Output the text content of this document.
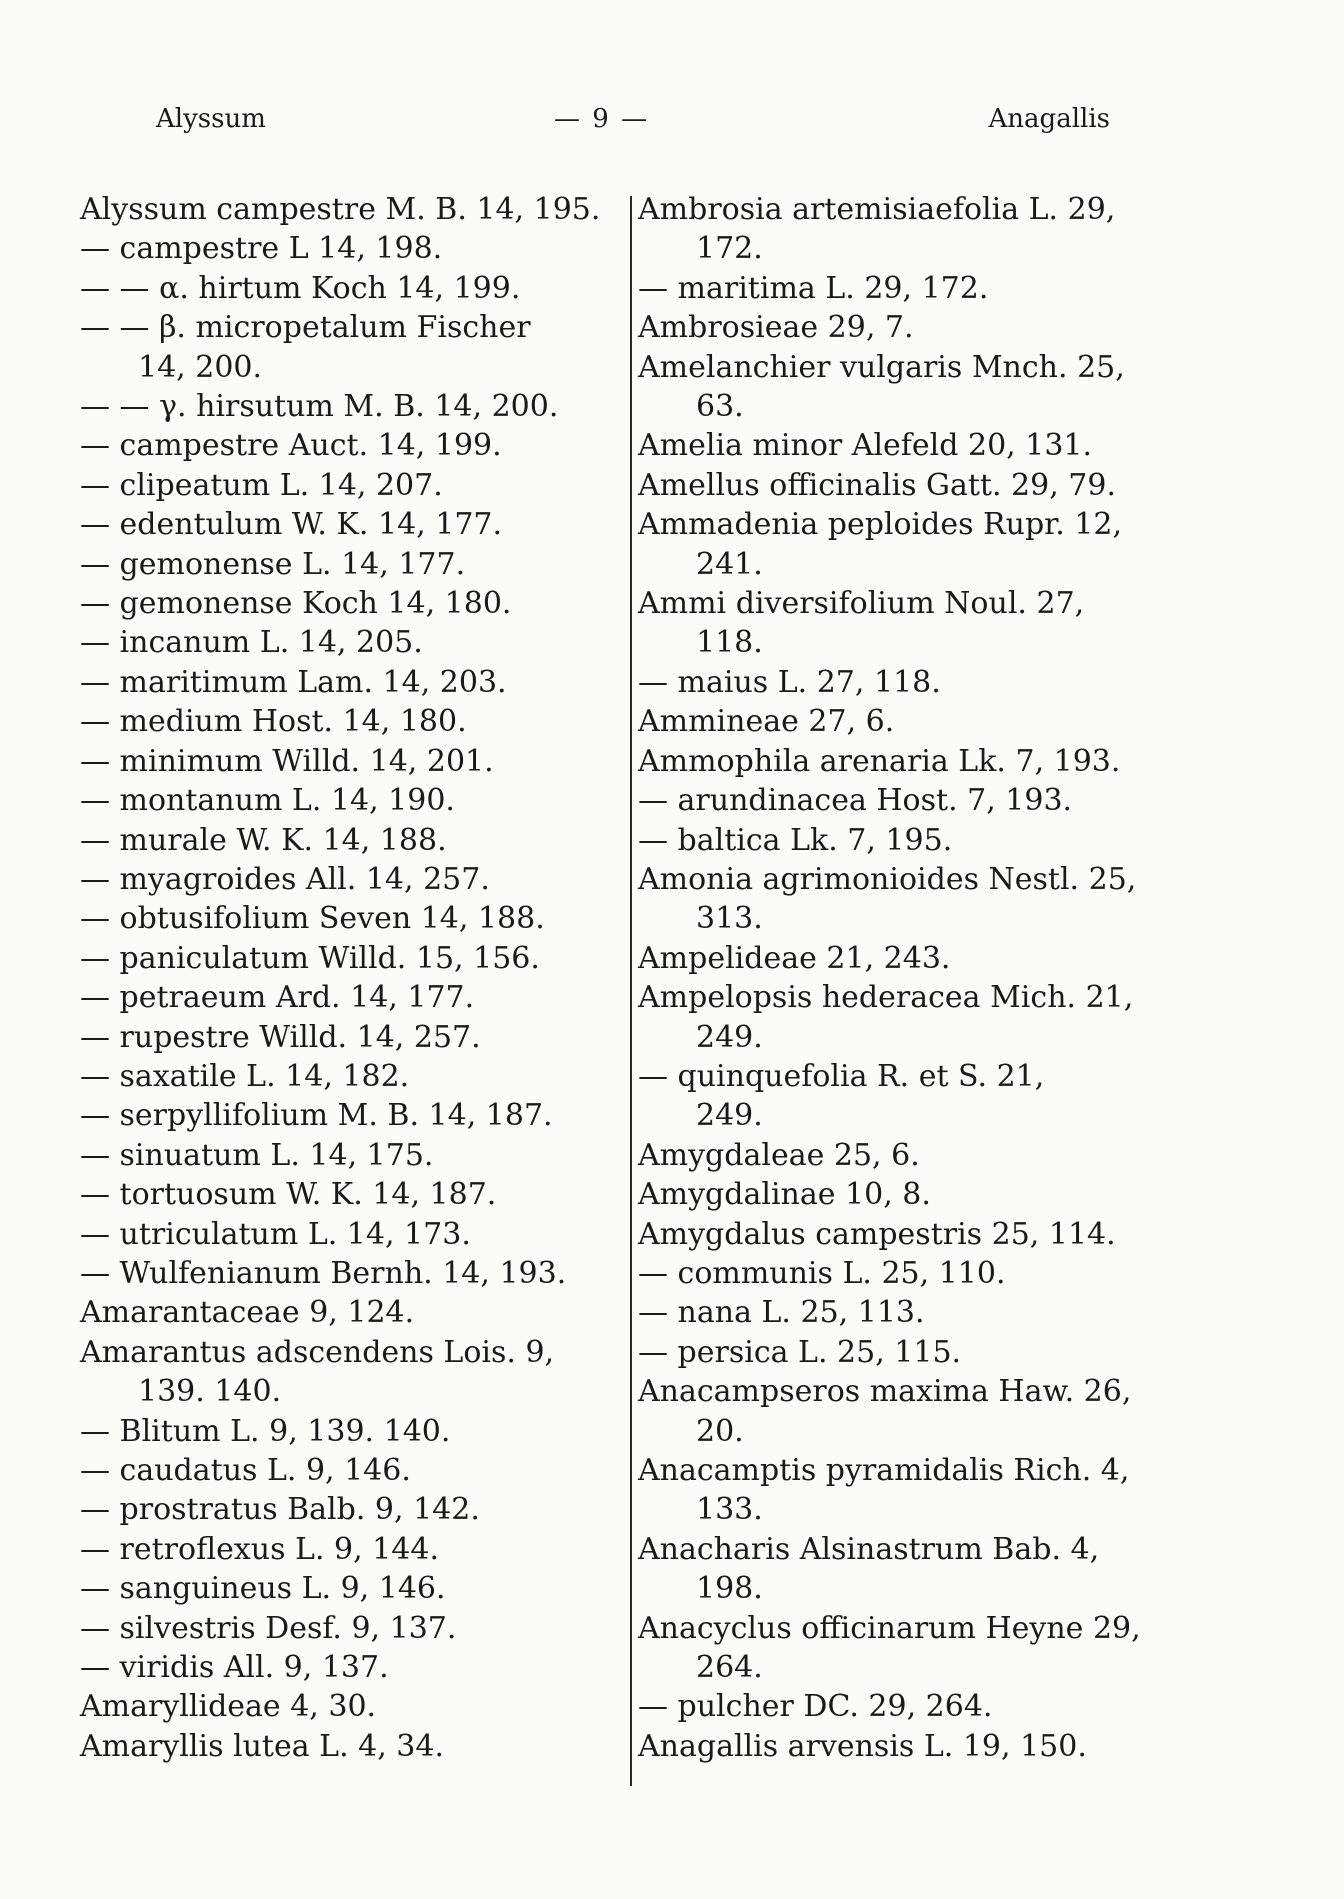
Alyssum	— 9 —	Anagallis
Alyssum campestre M. B. 14, 195.
— campestre L 14, 198.
— — α. hirtum Koch 14, 199.
— — β. micropetalum Fischer
14, 200.
— — γ. hirsutum M. B. 14, 200.
— campestre Auct. 14, 199.
— clipeatum L. 14, 207.
— edentulum W. K. 14, 177.
— gemonense L. 14, 177.
— gemonense Koch 14, 180.
— incanum L. 14, 205.
— maritimum Lam. 14, 203.
— medium Host. 14, 180.
— minimum Willd. 14, 201.
— montanum L. 14, 190.
— murale W. K. 14, 188.
— myagroides All. 14, 257.
— obtusifolium Seven 14, 188.
— paniculatum Willd. 15, 156.
— petraeum Ard. 14, 177.
— rupestre Willd. 14, 257.
— saxatile L. 14, 182.
— serpyllifolium M. B. 14, 187.
— sinuatum L. 14, 175.
— tortuosum W. K. 14, 187.
— utriculatum L. 14, 173.
— Wulfenianum Bernh. 14, 193.
Amarantaceae 9, 124.
Amarantus adscendens Lois. 9,
139. 140.
— Blitum L. 9, 139. 140.
— caudatus L. 9, 146.
— prostratus Balb. 9, 142.
— retroflexus L. 9, 144.
— sanguineus L. 9, 146.
— silvestris Desf. 9, 137.
— viridis All. 9, 137.
Amaryllideae 4, 30.
Amaryllis lutea L. 4, 34.
Ambrosia artemisiaefolia L. 29,
172.
— maritima L. 29, 172.
Ambrosieae 29, 7.
Amelanchier vulgaris Mnch. 25,
63.
Amelia minor Alefeld 20, 131.
Amellus officinalis Gatt. 29, 79.
Ammadenia peploides Rupr. 12,
241.
Ammi diversifolium Noul. 27,
118.
— maius L. 27, 118.
Ammineae 27, 6.
Ammophila arenaria Lk. 7, 193.
— arundinacea Host. 7, 193.
— baltica Lk. 7, 195.
Amonia agrimonioides Nestl. 25,
313.
Ampelideae 21, 243.
Ampelopsis hederacea Mich. 21,
249.
— quinquefolia R. et S. 21,
249.
Amygdaleae 25, 6.
Amygdalinae 10, 8.
Amygdalus campestris 25, 114.
— communis L. 25, 110.
— nana L. 25, 113.
— persica L. 25, 115.
Anacampseros maxima Haw. 26,
20.
Anacamptis pyramidalis Rich. 4,
133.
Anacharis Alsinastrum Bab. 4,
198.
Anacyclus officinarum Heyne 29,
264.
— pulcher DC. 29, 264.
Anagallis arvensis L. 19, 150.
